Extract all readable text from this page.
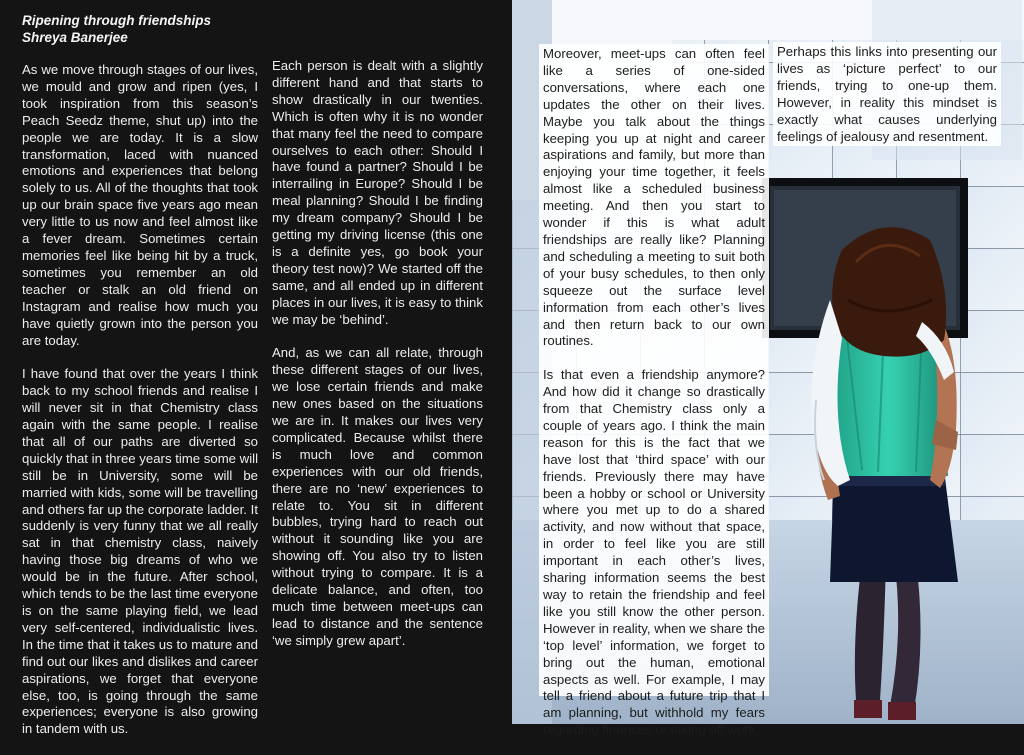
Ripening through friendships
Shreya Banerjee

As we move through stages of our lives, we mould and grow and ripen (yes, I took inspiration from this season’s Peach Seedz theme, shut up) into the people we are today. It is a slow transformation, laced with nuanced emotions and experiences that belong solely to us. All of the thoughts that took up our brain space five years ago mean very little to us now and feel almost like a fever dream. Sometimes certain memories feel like being hit by a truck, sometimes you remember an old teacher or stalk an old friend on Instagram and realise how much you have quietly grown into the person you are today.

I have found that over the years I think back to my school friends and realise I will never sit in that Chemistry class again with the same people. I realise that all of our paths are diverted so quickly that in three years time some will still be in University, some will be married with kids, some will be travelling and others far up the corporate ladder. It suddenly is very funny that we all really sat in that chemistry class, naively having those big dreams of who we would be in the future. After school, which tends to be the last time everyone is on the same playing field, we lead very self-centered, individualistic lives. In the time that it takes us to mature and find out our likes and dislikes and career aspirations, we forget that everyone else, too, is going through the same experiences; everyone is also growing in tandem with us.

Each person is dealt with a slightly different hand and that starts to show drastically in our twenties. Which is often why it is no wonder that many feel the need to compare ourselves to each other: Should I have found a partner? Should I be interrailing in Europe? Should I be meal planning? Should I be finding my dream company? Should I be getting my driving license (this one is a definite yes, go book your theory test now)? We started off the same, and all ended up in different places in our lives, it is easy to think we may be ‘behind’.

And, as we can all relate, through these different stages of our lives, we lose certain friends and make new ones based on the situations we are in. It makes our lives very complicated. Because whilst there is much love and common experiences with our old friends, there are no ‘new’ experiences to relate to. You sit in different bubbles, trying hard to reach out without it sounding like you are showing off. You also try to listen without trying to compare. It is a delicate balance, and often, too much time between meet-ups can lead to distance and the sentence ‘we simply grew apart’.

Moreover, meet-ups can often feel like a series of one-sided conversations, where each one updates the other on their lives. Maybe you talk about the things keeping you up at night and career aspirations and family, but more than enjoying your time together, it feels almost like a scheduled business meeting. And then you start to wonder if this is what adult friendships are really like? Planning and scheduling a meeting to suit both of your busy schedules, to then only squeeze out the surface level information from each other’s lives and then return back to our own routines.

Is that even a friendship anymore? And how did it change so drastically from that Chemistry class only a couple of years ago. I think the main reason for this is the fact that we have lost that ‘third space’ with our friends. Previously there may have been a hobby or school or University where you met up to do a shared activity, and now without that space, in order to feel like you are still important in each other’s lives, sharing information seems the best way to retain the friendship and feel like you still know the other person. However in reality, when we share the ‘top level’ information, we forget to bring out the human, emotional aspects as well. For example, I may tell a friend about a future trip that I am planning, but withhold my fears regarding finances or taking off work.

Perhaps this links into presenting our lives as ‘picture perfect’ to our friends, trying to one-up them. However, in reality this mindset is exactly what causes underlying feelings of jealousy and resentment.
